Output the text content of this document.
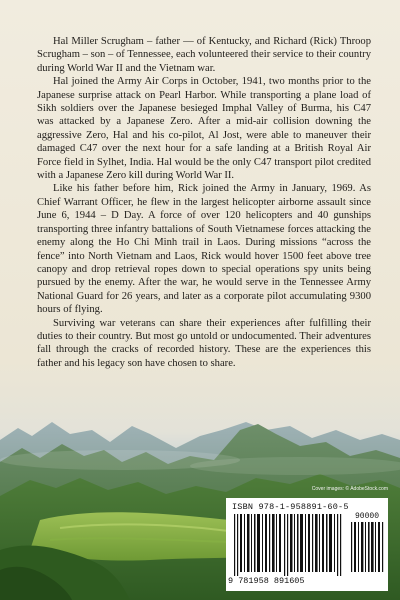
Hal Miller Scrugham – father — of Kentucky, and Richard (Rick) Throop Scrugham – son – of Tennessee, each volunteered their service to their country during World War II and the Vietnam war.

Hal joined the Army Air Corps in October, 1941, two months prior to the Japanese surprise attack on Pearl Harbor. While transporting a plane load of Sikh soldiers over the Japanese besieged Imphal Valley of Burma, his C47 was attacked by a Japanese Zero. After a mid-air collision downing the aggressive Zero, Hal and his co-pilot, Al Jost, were able to maneuver their damaged C47 over the next hour for a safe landing at a British Royal Air Force field in Sylhet, India. Hal would be the only C47 transport pilot credited with a Japanese Zero kill during World War II.

Like his father before him, Rick joined the Army in January, 1969. As Chief Warrant Officer, he flew in the largest helicopter airborne assault since June 6, 1944 – D Day. A force of over 120 helicopters and 40 gunships transporting three infantry battalions of South Vietnamese forces attacking the enemy along the Ho Chi Minh trail in Laos. During missions “across the fence” into North Vietnam and Laos, Rick would hover 1500 feet above tree canopy and drop retrieval ropes down to special operations spy units being pursued by the enemy. After the war, he would serve in the Tennessee Army National Guard for 26 years, and later as a corporate pilot accumulating 9300 hours of flying.

Surviving war veterans can share their experiences after fulfilling their duties to their country. But most go untold or undocumented. Their adventures fall through the cracks of recorded history. These are the experiences this father and his legacy son have chosen to share.

Cover images: © AdobeStock.com
ISBN 978-1-958891-60-5
90000
9 781958 891605
